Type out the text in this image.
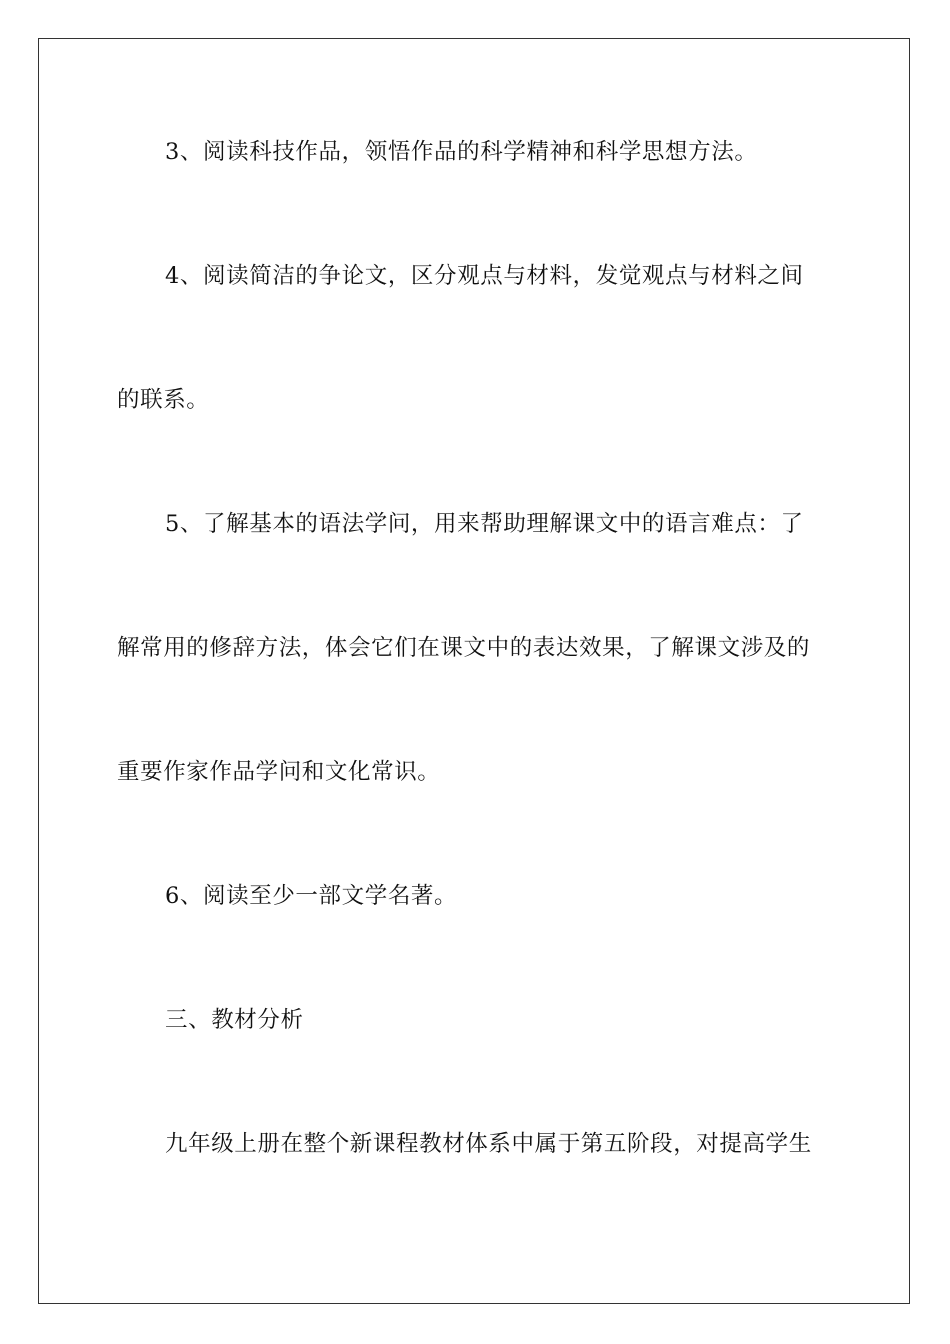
3、阅读科技作品，领悟作品的科学精神和科学思想方法。
4、阅读简洁的争论文，区分观点与材料，发觉观点与材料之间
的联系。
5、了解基本的语法学问，用来帮助理解课文中的语言难点：了
解常用的修辞方法，体会它们在课文中的表达效果，了解课文涉及的
重要作家作品学问和文化常识。
6、阅读至少一部文学名著。
三、教材分析
九年级上册在整个新课程教材体系中属于第五阶段，对提高学生
